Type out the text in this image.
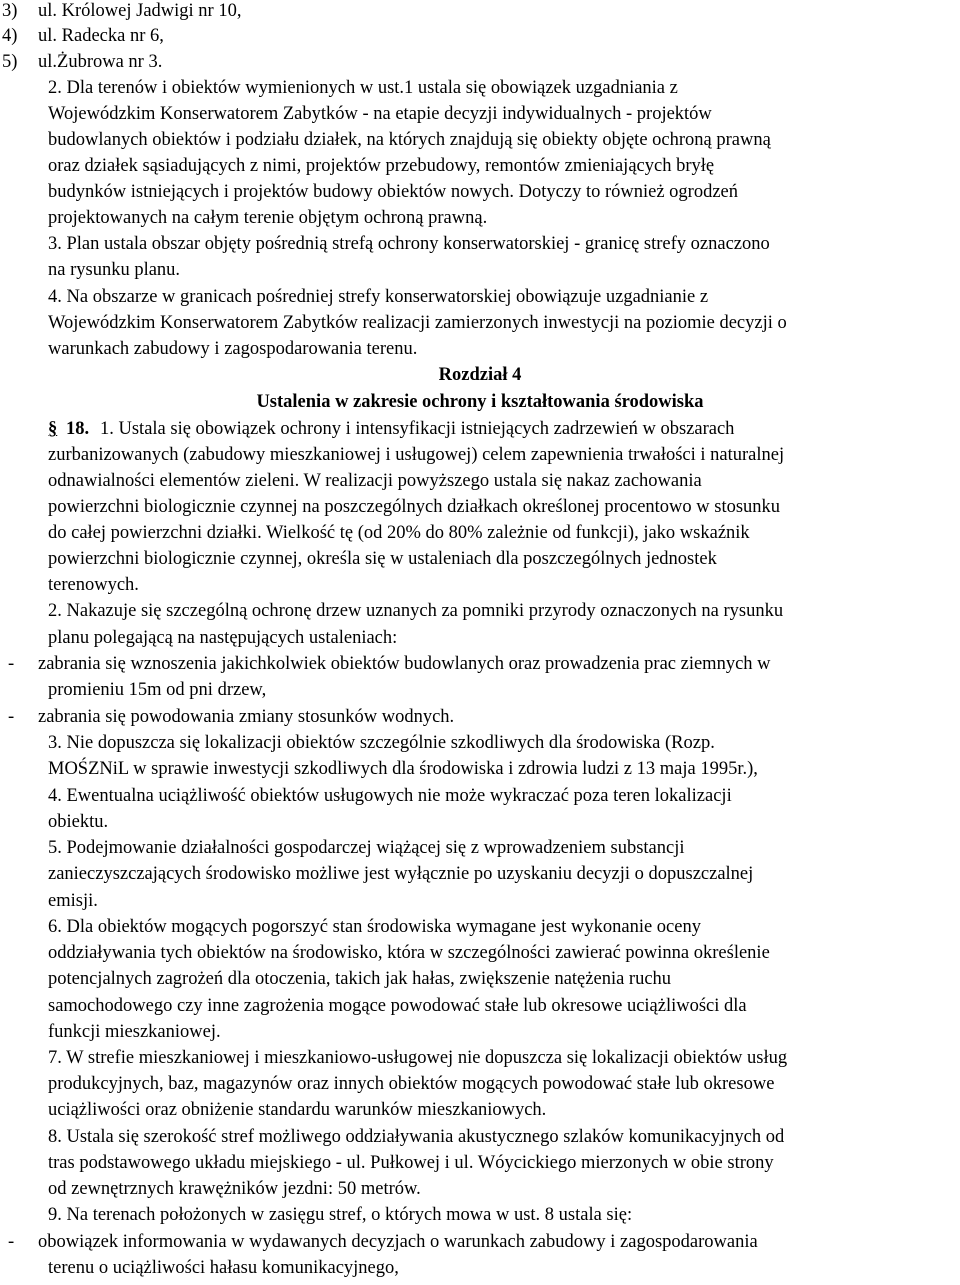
3) ul. Królowej Jadwigi nr 10,
4) ul. Radecka nr 6,
5) ul.Żubrowa nr 3.
2. Dla terenów i obiektów wymienionych w ust.1 ustala się obowiązek uzgadniania z
Wojewódzkim Konserwatorem Zabytków - na etapie decyzji indywidualnych - projektów
budowlanych obiektów i podziału działek, na których znajdują się obiekty objęte ochroną prawną
oraz działek sąsiadujących z nimi, projektów przebudowy, remontów zmieniających bryłę
budynków istniejących i projektów budowy obiektów nowych. Dotyczy to również ogrodzeń
projektowanych na całym terenie objętym ochroną prawną.
3. Plan ustala obszar objęty pośrednią strefą ochrony konserwatorskiej - granicę strefy oznaczono
na rysunku planu.
4. Na obszarze w granicach pośredniej strefy konserwatorskiej obowiązuje uzgadnianie z
Wojewódzkim Konserwatorem Zabytków realizacji zamierzonych inwestycji na poziomie decyzji o
warunkach zabudowy i zagospodarowania terenu.
Rozdział 4
Ustalenia w zakresie ochrony i kształtowania środowiska
§ 18. 1. Ustala się obowiązek ochrony i intensyfikacji istniejących zadrzewień w obszarach
zurbanizowanych (zabudowy mieszkaniowej i usługowej) celem zapewnienia trwałości i naturalnej
odnawialności elementów zieleni. W realizacji powyższego ustala się nakaz zachowania
powierzchni biologicznie czynnej na poszczególnych działkach określonej procentowo w stosunku
do całej powierzchni działki. Wielkość tę (od 20% do 80% zależnie od funkcji), jako wskaźnik
powierzchni biologicznie czynnej, określa się w ustaleniach dla poszczególnych jednostek
terenowych.
2. Nakazuje się szczególną ochronę drzew uznanych za pomniki przyrody oznaczonych na rysunku
planu polegającą na następujących ustaleniach:
- zabrania się wznoszenia jakichkolwiek obiektów budowlanych oraz prowadzenia prac ziemnych w
promieniu 15m od pni drzew,
- zabrania się powodowania zmiany stosunków wodnych.
3. Nie dopuszcza się lokalizacji obiektów szczególnie szkodliwych dla środowiska (Rozp.
MOŚZNiL w sprawie inwestycji szkodliwych dla środowiska i zdrowia ludzi z 13 maja 1995r.),
4. Ewentualna uciążliwość obiektów usługowych nie może wykraczać poza teren lokalizacji
obiektu.
5. Podejmowanie działalności gospodarczej wiążącej się z wprowadzeniem substancji
zanieczyszczających środowisko możliwe jest wyłącznie po uzyskaniu decyzji o dopuszczalnej
emisji.
6. Dla obiektów mogących pogorszyć stan środowiska wymagane jest wykonanie oceny
oddziaływania tych obiektów na środowisko, która w szczególności zawierać powinna określenie
potencjalnych zagrożeń dla otoczenia, takich jak hałas, zwiększenie natężenia ruchu
samochodowego czy inne zagrożenia mogące powodować stałe lub okresowe uciążliwości dla
funkcji mieszkaniowej.
7. W strefie mieszkaniowej i mieszkaniowo-usługowej nie dopuszcza się lokalizacji obiektów usług
produkcyjnych, baz, magazynów oraz innych obiektów mogących powodować stałe lub okresowe
uciążliwości oraz obniżenie standardu warunków mieszkaniowych.
8. Ustala się szerokość stref możliwego oddziaływania akustycznego szlaków komunikacyjnych od
tras podstawowego układu miejskiego - ul. Pułkowej i ul. Wóycickiego mierzonych w obie strony
od zewnętrznych krawężników jezdni: 50 metrów.
9. Na terenach położonych w zasięgu stref, o których mowa w ust. 8 ustala się:
- obowiązek informowania w wydawanych decyzjach o warunkach zabudowy i zagospodarowania
terenu o uciążliwości hałasu komunikacyjnego,
